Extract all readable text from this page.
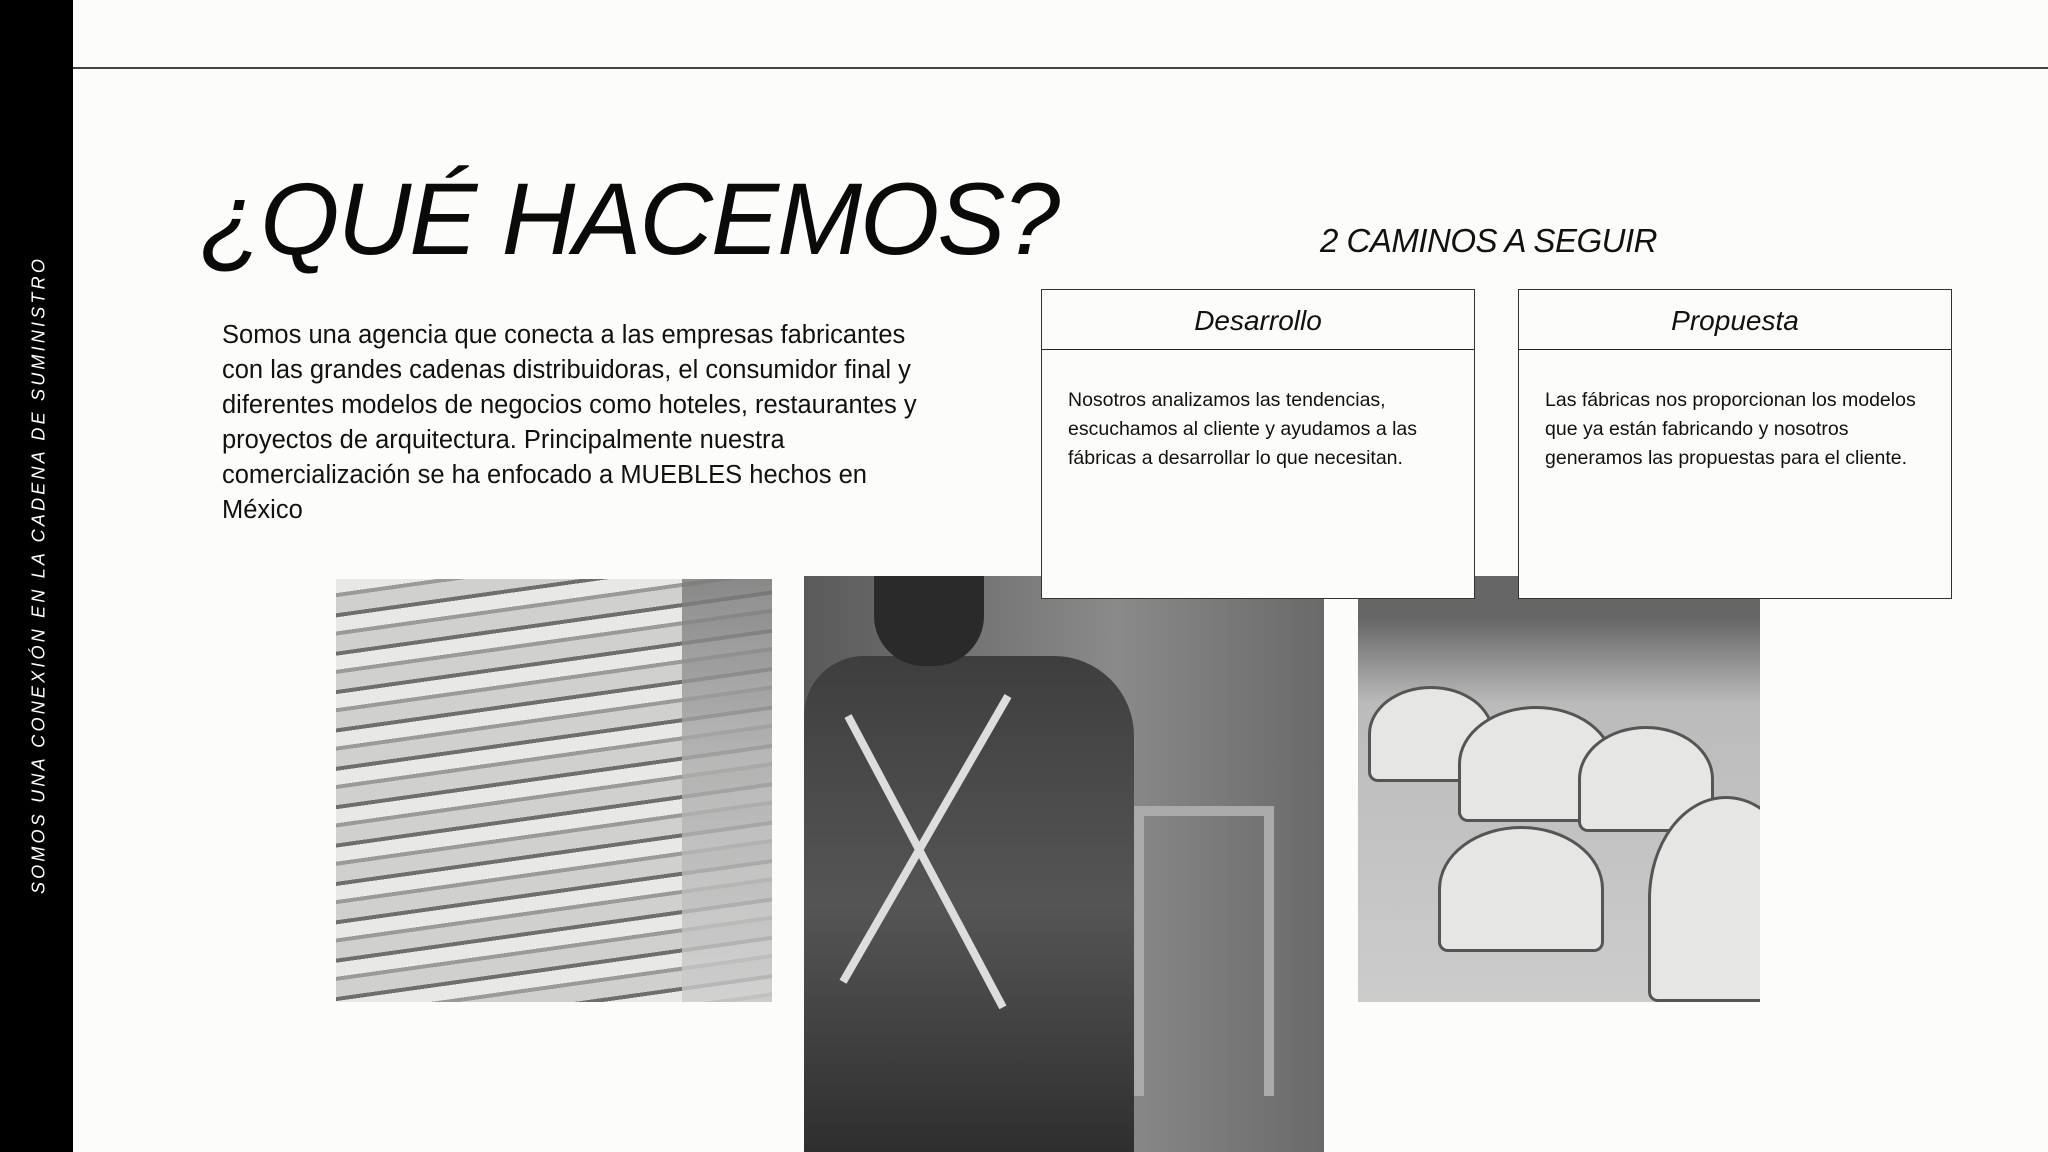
SOMOS UNA CONEXIÓN EN LA CADENA DE SUMINISTRO
¿QUÉ HACEMOS?
Somos una agencia que conecta a las empresas fabricantes con las grandes cadenas distribuidoras, el consumidor final y diferentes modelos de negocios como hoteles, restaurantes y proyectos de arquitectura. Principalmente nuestra comercialización se ha enfocado a MUEBLES hechos en México
2 CAMINOS A SEGUIR
Desarrollo
Nosotros analizamos las tendencias, escuchamos al cliente y ayudamos a las fábricas a desarrollar lo que necesitan.
Propuesta
Las fábricas nos proporcionan los modelos que ya están fabricando y nosotros generamos las propuestas para el cliente.
